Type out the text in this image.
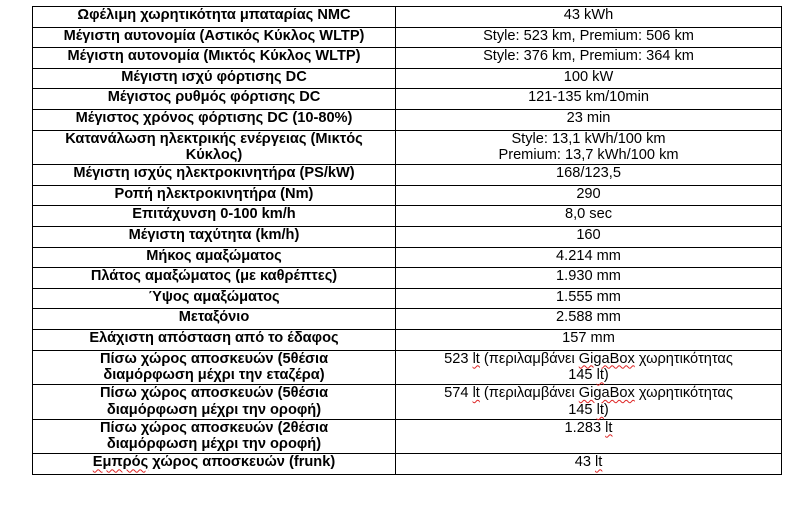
Ωφέλιμη χωρητικότητα μπαταρίας NMC	43 kWh

Μέγιστη αυτονομία (Αστικός Κύκλος WLTP)	Style: 523 km, Premium: 506 km

Μέγιστη αυτονομία (Μικτός Κύκλος WLTP)	Style: 376 km, Premium: 364 km

Μέγιστη ισχύ φόρτισης DC	100 kW

Μέγιστος ρυθμός φόρτισης DC	121-135 km/10min

Μέγιστος χρόνος φόρτισης DC (10-80%)	23 min

Κατανάλωση ηλεκτρικής ενέργειας (Μικτός
Κύκλος)	Style: 13,1 kWh/100 km
Premium: 13,7 kWh/100 km

Μέγιστη ισχύς ηλεκτροκινητήρα (PS/kW)	168/123,5

Ροπή ηλεκτροκινητήρα (Nm)	290

Επιτάχυνση 0-100 km/h	8,0 sec

Μέγιστη ταχύτητα (km/h)	160

Μήκος αμαξώματος	4.214 mm

Πλάτος αμαξώματος (με καθρέπτες)	1.930 mm

Ύψος αμαξώματος	1.555 mm

Μεταξόνιο	2.588 mm

Ελάχιστη απόσταση από το έδαφος	157 mm

Πίσω χώρος αποσκευών (5θέσια
διαμόρφωση μέχρι την εταζέρα)	523 lt (περιλαμβάνει GigaBox χωρητικότητας
145 lt)

Πίσω χώρος αποσκευών (5θέσια
διαμόρφωση μέχρι την οροφή)	574 lt (περιλαμβάνει GigaBox χωρητικότητας
145 lt)

Πίσω χώρος αποσκευών (2θέσια
διαμόρφωση μέχρι την οροφή)	1.283 lt

Εμπρός χώρος αποσκευών (frunk)	43 lt
